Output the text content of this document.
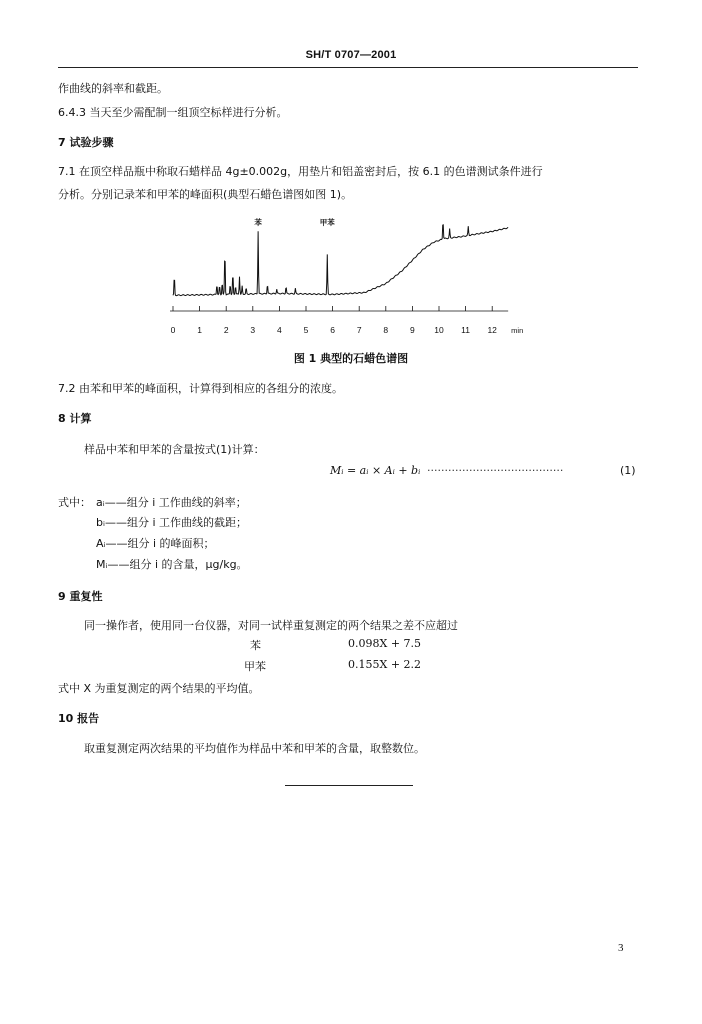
SH/T 0707—2001
作曲线的斜率和截距。
6.4.3 当天至少需配制一组顶空标样进行分析。
7 试验步骤
7.1 在顶空样品瓶中称取石蜡样品 4g±0.002g，用垫片和铝盖密封后，按 6.1 的色谱测试条件进行
分析。分别记录苯和甲苯的峰面积(典型石蜡色谱图如图 1)。
0	1	2	3	4	5	6	7	8	9 10 11 12 min
苯	甲苯
图 1 典型的石蜡色谱图
7.2 由苯和甲苯的峰面积，计算得到相应的各组分的浓度。
8 计算
样品中苯和甲苯的含量按式(1)计算：
Mᵢ = aᵢ × Aᵢ + bᵢ ·······································	(1)
式中： aᵢ——组分 i 工作曲线的斜率；
bᵢ——组分 i 工作曲线的截距；
Aᵢ——组分 i 的峰面积；
Mᵢ——组分 i 的含量，μg/kg。
9 重复性
同一操作者，使用同一台仪器，对同一试样重复测定的两个结果之差不应超过
苯	0.098X + 7.5
甲苯	0.155X + 2.2
式中 X 为重复测定的两个结果的平均值。
10 报告
取重复测定两次结果的平均值作为样品中苯和甲苯的含量，取整数位。
3
